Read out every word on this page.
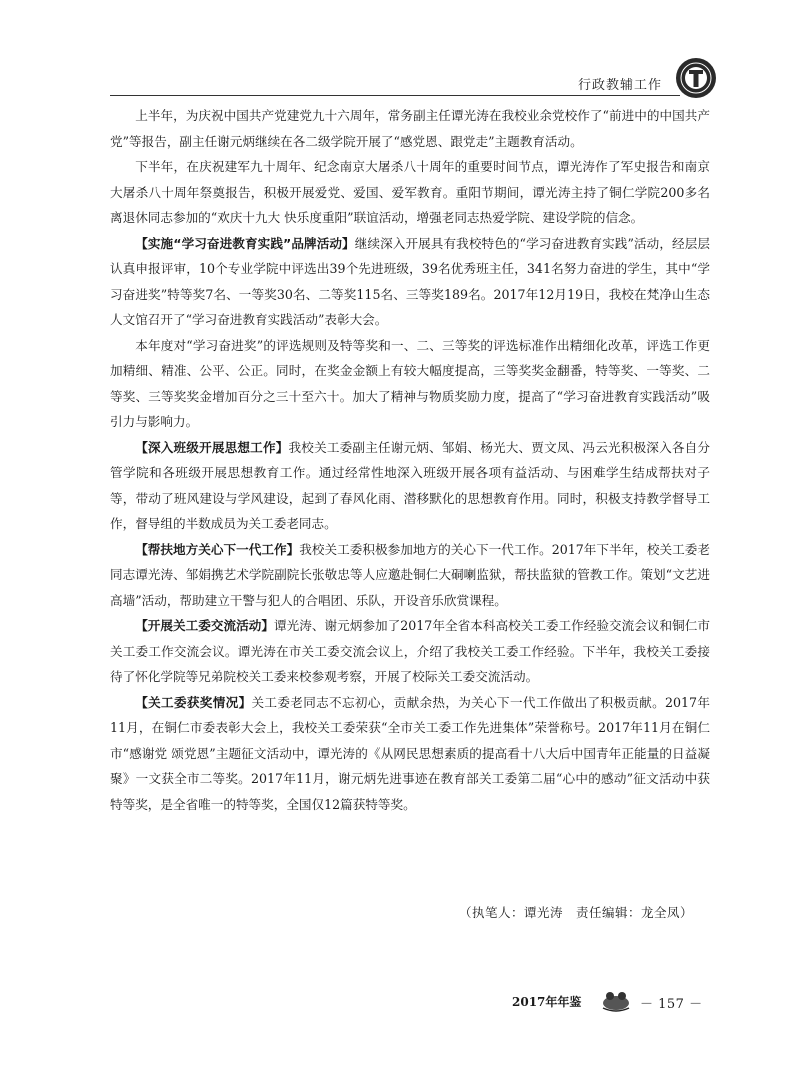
行政教辅工作

上半年，为庆祝中国共产党建党九十六周年，常务副主任谭光涛在我校业余党校作了“前进中的中国共产党”等报告，副主任谢元炳继续在各二级学院开展了“感党恩、跟党走”主题教育活动。

下半年，在庆祝建军九十周年、纪念南京大屠杀八十周年的重要时间节点，谭光涛作了军史报告和南京大屠杀八十周年祭奠报告，积极开展爱党、爱国、爱军教育。重阳节期间，谭光涛主持了铜仁学院200多名离退休同志参加的“欢庆十九大 快乐度重阳”联谊活动，增强老同志热爱学院、建设学院的信念。

【实施“学习奋进教育实践”品牌活动】继续深入开展具有我校特色的“学习奋进教育实践”活动，经层层认真申报评审，10个专业学院中评选出39个先进班级，39名优秀班主任，341名努力奋进的学生，其中“学习奋进奖”特等奖7名、一等奖30名、二等奖115名、三等奖189名。2017年12月19日，我校在梵净山生态人文馆召开了“学习奋进教育实践活动”表彰大会。

本年度对“学习奋进奖”的评选规则及特等奖和一、二、三等奖的评选标准作出精细化改革，评选工作更加精细、精准、公平、公正。同时，在奖金金额上有较大幅度提高，三等奖奖金翻番，特等奖、一等奖、二等奖、三等奖奖金增加百分之三十至六十。加大了精神与物质奖励力度，提高了“学习奋进教育实践活动”吸引力与影响力。

【深入班级开展思想工作】我校关工委副主任谢元炳、邹娟、杨光大、贾文凤、冯云光积极深入各自分管学院和各班级开展思想教育工作。通过经常性地深入班级开展各项有益活动、与困难学生结成帮扶对子等，带动了班风建设与学风建设，起到了春风化雨、潜移默化的思想教育作用。同时，积极支持教学督导工作，督导组的半数成员为关工委老同志。

【帮扶地方关心下一代工作】我校关工委积极参加地方的关心下一代工作。2017年下半年，校关工委老同志谭光涛、邹娟携艺术学院副院长张敬忠等人应邀赴铜仁大硐喇监狱，帮扶监狱的管教工作。策划“文艺进高墙”活动，帮助建立干警与犯人的合唱团、乐队，开设音乐欣赏课程。

【开展关工委交流活动】谭光涛、谢元炳参加了2017年全省本科高校关工委工作经验交流会议和铜仁市关工委工作交流会议。谭光涛在市关工委交流会议上，介绍了我校关工委工作经验。下半年，我校关工委接待了怀化学院等兄弟院校关工委来校参观考察，开展了校际关工委交流活动。

【关工委获奖情况】关工委老同志不忘初心，贡献余热，为关心下一代工作做出了积极贡献。2017年11月，在铜仁市委表彰大会上，我校关工委荣获“全市关工委工作先进集体”荣誉称号。2017年11月在铜仁市“感谢党 颂党恩”主题征文活动中，谭光涛的《从网民思想素质的提高看十八大后中国青年正能量的日益凝聚》一文获全市二等奖。2017年11月，谢元炳先进事迹在教育部关工委第二届“心中的感动”征文活动中获特等奖，是全省唯一的特等奖，全国仅12篇获特等奖。

（执笔人：谭光涛　责任编辑：龙全凤）
2017年年鉴	－ 157 －
